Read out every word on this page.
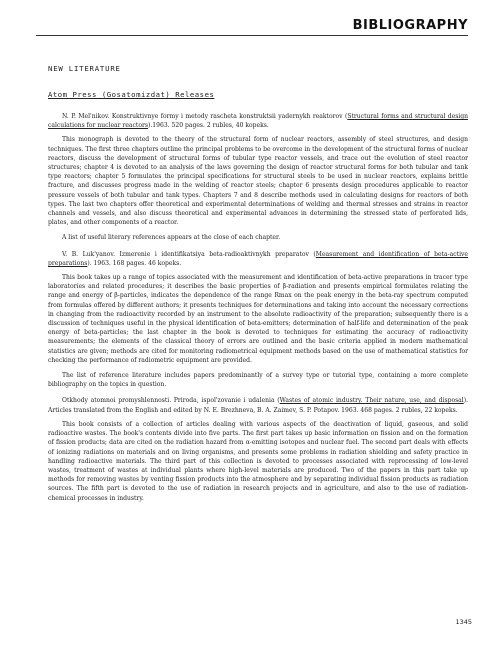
BIBLIOGRAPHY
NEW LITERATURE
Atom Press (Gosatomizdat) Releases

N. P. Mel'nikov. Konstruktivnye formy i metody rascheta konstruktsii yadernykh reaktorov (Structural forms and structural design calculations for nuclear reactors).1963. 520 pages. 2 rubles, 40 kopeks.

This monograph is devoted to the theory of the structural form of nuclear reactors, assembly of steel structures, and design techniques. The first three chapters outline the principal problems to be overcome in the development of the structural forms of nuclear reactors, discuss the development of structural forms of tubular type reactor vessels, and trace out the evolution of steel reactor structures; chapter 4 is devoted to an analysis of the laws governing the design of reactor structural forms for both tubular and tank type reactors; chapter 5 formulates the principal specifications for structural steels to be used in nuclear reactors, explains brittle fracture, and discusses progress made in the welding of reactor steels; chapter 6 presents design procedures applicable to reactor pressure vessels of both tubular and tank types. Chapters 7 and 8 describe methods used in calculating designs for reactors of both types. The last two chapters offer theoretical and experimental determinations of welding and thermal stresses and strains in reactor channels and vessels, and also discuss theoretical and experimental advances in determining the stressed state of perforated lids, plates, and other components of a reactor.

A list of useful literary references appears at the close of each chapter.

V. B. Luk'yanov. Izmerenie i identifikatsiya beta-radioaktivnykh preparatov (Measurement and identification of beta-active preparations). 1963. 168 pages. 46 kopeks.

This book takes up a range of topics associated with the measurement and identification of beta-active preparations in tracer type laboratories and related procedures; it describes the basic properties of β-radiation and presents empirical formulates relating the range and energy of β-particles, indicates the dependence of the range Rmax on the peak energy in the beta-ray spectrum computed from formulas offered by different authors; it presents techniques for determinations and taking into account the necessary corrections in changing from the radioactivity recorded by an instrument to the absolute radioactivity of the preparation; subsequently there is a discussion of techniques useful in the physical identification of beta-emitters; determination of half-life and determination of the peak energy of beta-particles; the last chapter in the book is devoted to techniques for estimating the accuracy of radioactivity measurements; the elements of the classical theory of errors are outlined and the basic criteria applied in modern mathematical statistics are given; methods are cited for monitoring radiometrical equipment methods based on the use of mathematical statistics for checking the performance of radiometric equipment are provided.

The list of reference literature includes papers predominantly of a survey type or tutorial type, containing a more complete bibliography on the topics in question.

Otkhody atomnoi promyshlennosti. Priroda, ispol'zovanie i udalenia (Wastes of atomic industry. Their nature, use, and disposal). Articles translated from the English and edited by N. E. Brezhneva, B. A. Zaimev, S. P. Potapov. 1963. 468 pages. 2 rubles, 22 kopeks.

This book consists of a collection of articles dealing with various aspects of the deactivation of liquid, gaseous, and solid radioactive wastes. The book's contents divide into five parts. The first part takes up basic information on fission and on the formation of fission products; data are cited on the radiation hazard from α-emitting isotopes and nuclear fuel. The second part deals with effects of ionizing radiations on materials and on living organisms, and presents some problems in radiation shielding and safety practice in handling radioactive materials. The third part of this collection is devoted to processes associated with reprocessing of low-level wastes, treatment of wastes at individual plants where high-level materials are produced. Two of the papers in this part take up methods for removing wastes by venting fission products into the atmosphere and by separating individual fission products as radiation sources. The fifth part is devoted to the use of radiation in research projects and in agriculture, and also to the use of radiation-chemical processes in industry.

1345
